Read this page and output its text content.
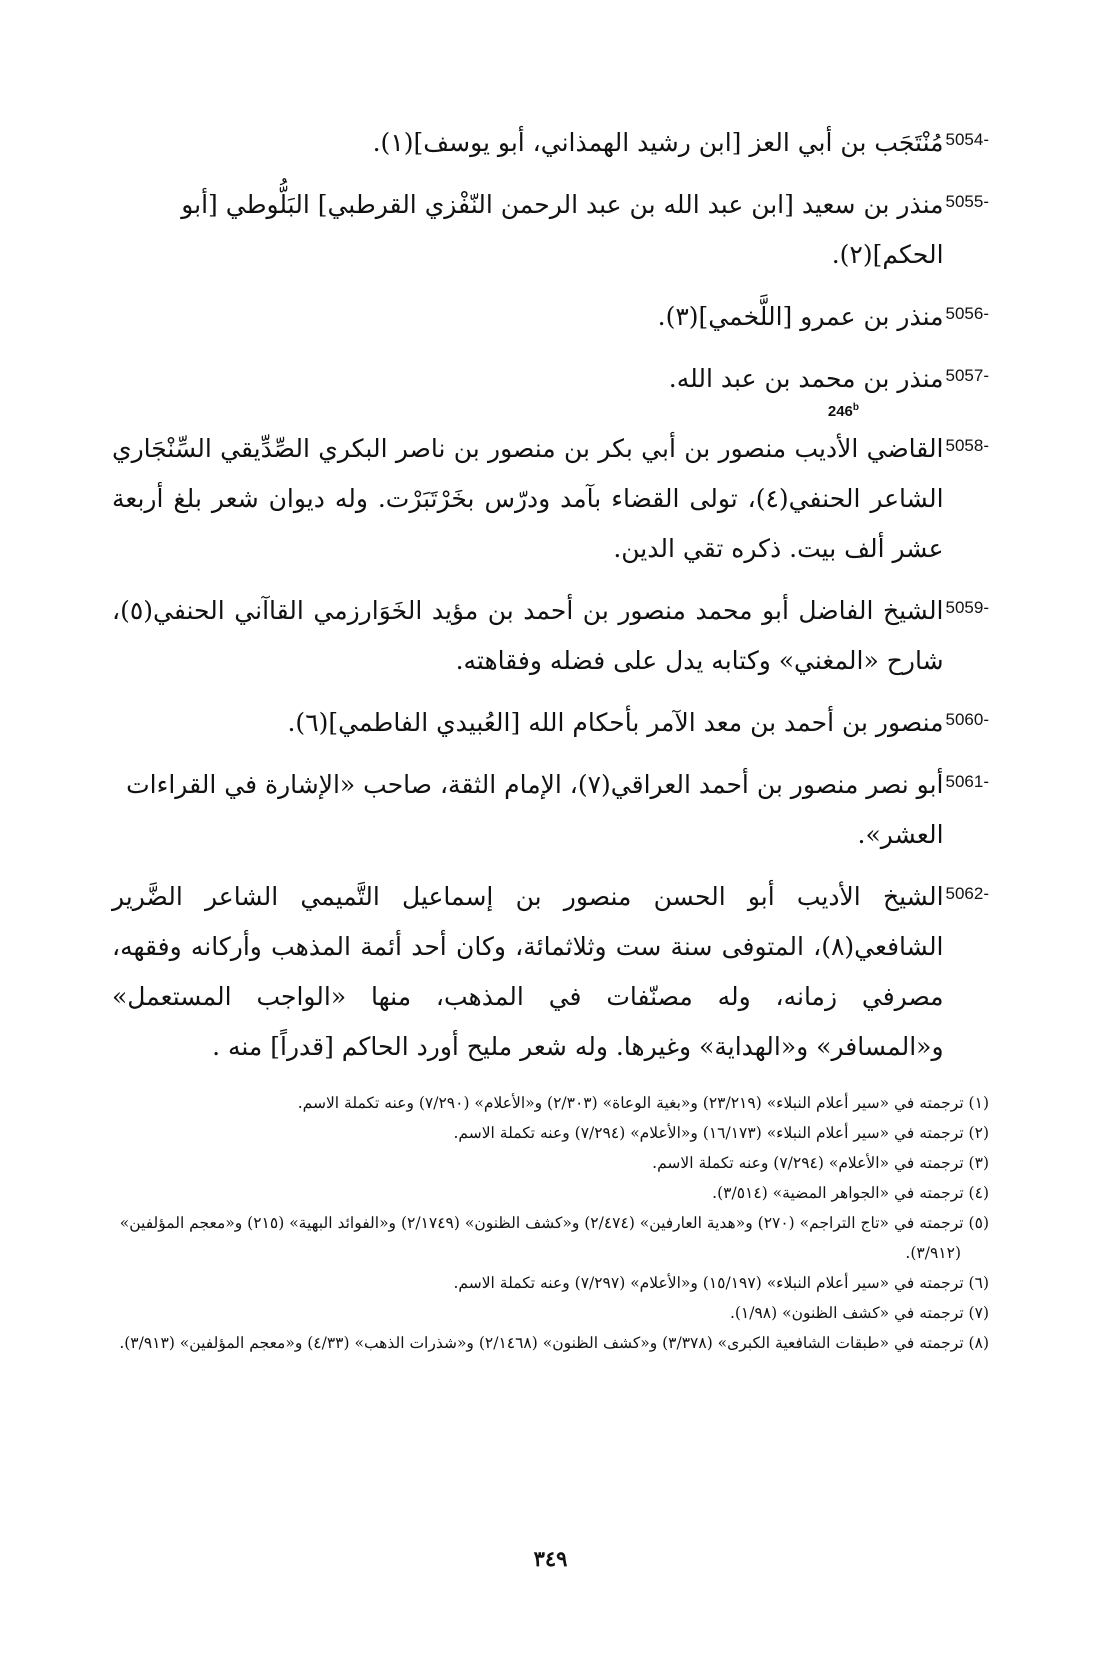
5054-
مُنْتَجَب بن أبي العز [ابن رشيد الهمذاني، أبو يوسف](١).
5055-
منذر بن سعيد [ابن عبد الله بن عبد الرحمن النّفْزي القرطبي] البَلُّوطي [أبو الحكم](٢).
5056-
منذر بن عمرو [اللَّخمي](٣).
5057-
منذر بن محمد بن عبد الله.
246$^b$
5058-
القاضي الأديب منصور بن أبي بكر بن منصور بن ناصر البكري الصِّدِّيقي السِّنْجَاري الشاعر الحنفي(٤)، تولى القضاء بآمد ودرّس بخَرْتَبَرْت. وله ديوان شعر بلغ أربعة عشر ألف بيت. ذكره تقي الدين.
5059-
الشيخ الفاضل أبو محمد منصور بن أحمد بن مؤيد الخَوَارزمي القاآني الحنفي(٥)، شارح «المغني» وكتابه يدل على فضله وفقاهته.
5060-
منصور بن أحمد بن معد الآمر بأحكام الله [العُبيدي الفاطمي](٦).
5061-
أبو نصر منصور بن أحمد العراقي(٧)، الإمام الثقة، صاحب «الإشارة في القراءات العشر».
5062-
الشيخ الأديب أبو الحسن منصور بن إسماعيل التَّميمي الشاعر الضَّرير الشافعي(٨)، المتوفى سنة ست وثلاثمائة، وكان أحد أئمة المذهب وأركانه وفقهه، مصرفي زمانه، وله مصنّفات في المذهب، منها «الواجب المستعمل» و«المسافر» و«الهداية» وغيرها. وله شعر مليح أورد الحاكم [قدراً] منه .

(١) ترجمته في «سير أعلام النبلاء» (٢٣/٢١٩) و«بغية الوعاة» (٢/٣٠٣) و«الأعلام» (٧/٢٩٠) وعنه تكملة الاسم.

(٢) ترجمته في «سير أعلام النبلاء» (١٦/١٧٣) و«الأعلام» (٧/٢٩٤) وعنه تكملة الاسم.

(٣) ترجمته في «الأعلام» (٧/٢٩٤) وعنه تكملة الاسم.

(٤) ترجمته في «الجواهر المضية» (٣/٥١٤).

(٥) ترجمته في «تاج التراجم» (٢٧٠) و«هدية العارفين» (٢/٤٧٤) و«كشف الظنون» (٢/١٧٤٩) و«الفوائد البهية» (٢١٥) و«معجم المؤلفين» (٣/٩١٢).

(٦) ترجمته في «سير أعلام النبلاء» (١٥/١٩٧) و«الأعلام» (٧/٢٩٧) وعنه تكملة الاسم.

(٧) ترجمته في «كشف الظنون» (١/٩٨).

(٨) ترجمته في «طبقات الشافعية الكبرى» (٣/٣٧٨) و«كشف الظنون» (٢/١٤٦٨) و«شذرات الذهب» (٤/٣٣) و«معجم المؤلفين» (٣/٩١٣).

٣٤٩
